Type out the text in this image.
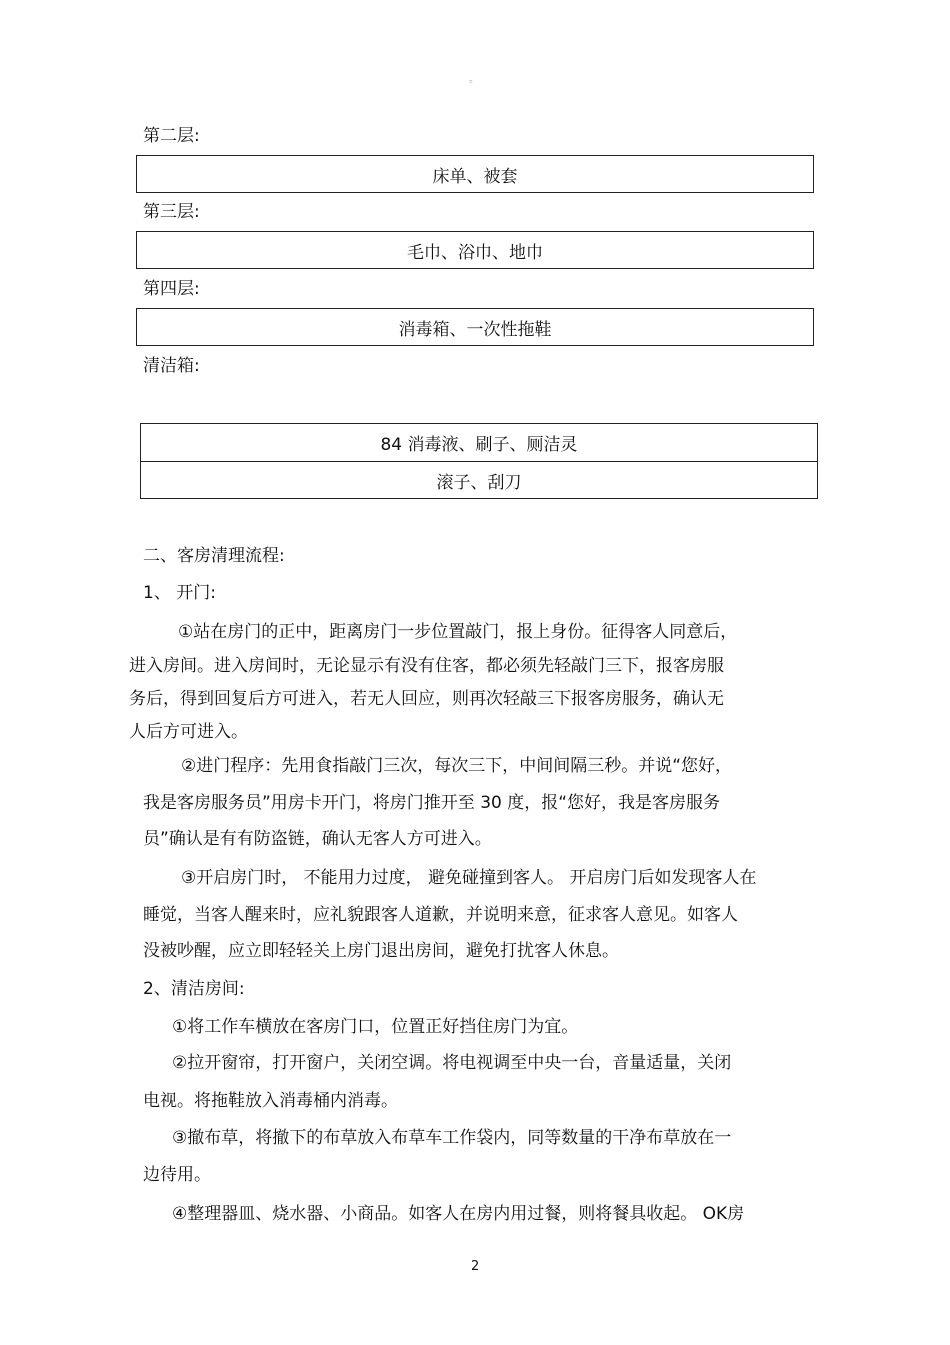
。
第二层:
床单、被套
第三层:
毛巾、浴巾、地巾
第四层:
消毒箱、一次性拖鞋
清洁箱:
84 消毒液、刷子、厕洁灵
滚子、刮刀
二、客房清理流程:
1、 开门:
①站在房门的正中，距离房门一步位置敲门，报上身份。征得客人同意后，
进入房间。进入房间时，无论显示有没有住客，都必须先轻敲门三下，报客房服
务后，得到回复后方可进入，若无人回应，则再次轻敲三下报客房服务，确认无
人后方可进入。
②进门程序：先用食指敲门三次，每次三下，中间间隔三秒。并说“您好，
我是客房服务员”用房卡开门，将房门推开至 30 度，报“您好，我是客房服务
员”确认是有有防盗链，确认无客人方可进入。
③开启房门时， 不能用力过度， 避免碰撞到客人。 开启房门后如发现客人在
睡觉，当客人醒来时，应礼貌跟客人道歉，并说明来意，征求客人意见。如客人
没被吵醒，应立即轻轻关上房门退出房间，避免打扰客人休息。
2、清洁房间:
①将工作车横放在客房门口，位置正好挡住房门为宜。
②拉开窗帘，打开窗户，关闭空调。将电视调至中央一台，音量适量，关闭
电视。将拖鞋放入消毒桶内消毒。
③撤布草，将撤下的布草放入布草车工作袋内，同等数量的干净布草放在一
边待用。
④整理器皿、烧水器、小商品。如客人在房内用过餐，则将餐具收起。 OK房
2
